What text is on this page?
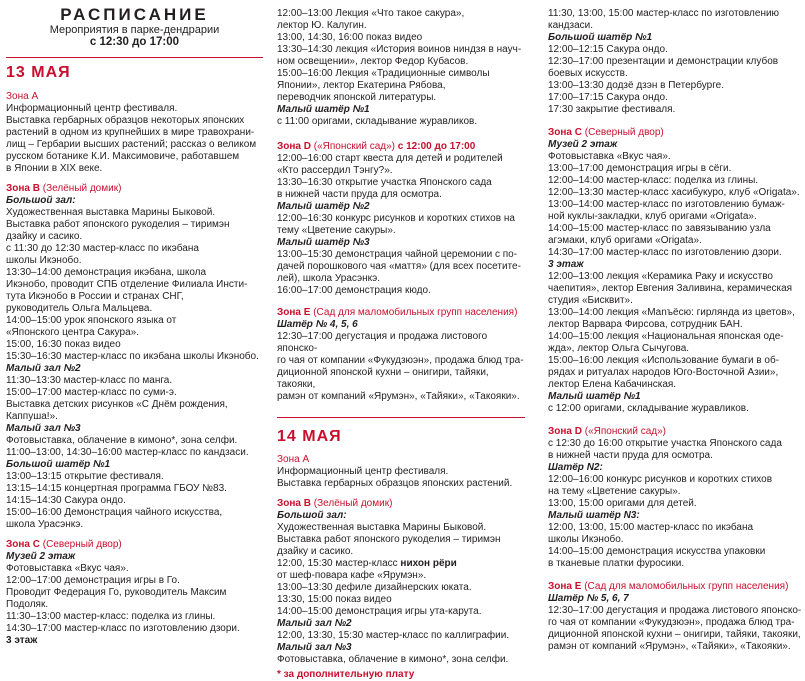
РАСПИСАНИЕ
Мероприятия в парке-дендрарии
с 12:30 до 17:00
13 МАЯ
Зона А
Информационный центр фестиваля.
Выставка гербарных образцов некоторых японских
растений в одном из крупнейших в мире травохрани-
лищ – Гербарии высших растений; рассказ о великом
русском ботанике К.И. Максимовиче, работавшем
в Японии в XIX веке.
Зона В (Зелёный домик)
Большой зал:
Художественная выставка Марины Быковой.
Выставка работ японского рукоделия – тиримэн
дзайку и сасико.
с 11:30 до 12:30 мастер-класс по икэбана
школы Икэнобо.
13:30–14:00 демонстрация икэбана, школа
Икэнобо, проводит СПБ отделение Филиала Инсти-
тута Икэнобо в России и странах СНГ,
руководитель Ольга Мальцева.
14:00–15:00 урок японского языка от
«Японского центра Сакура».
15:00, 16:30 показ видео
15:30–16:30 мастер-класс по икэбана школы Икэнобо.
Малый зал №2
11:30–13:30 мастер-класс по манга.
15:00–17:00 мастер-класс по суми-э.
Выставка детских рисунков «С Днём рождения,
Каппуша!».
Малый зал №3
Фотовыставка, облачение в кимоно*, зона селфи.
11:00–13:00, 14:30–16:00 мастер-класс по кандзаси.
Большой шатёр №1
13:00–13:15 открытие фестиваля.
13:15–14:15 концертная программа ГБОУ №83.
14:15–14:30 Сакура ондо.
15:00–16:00 Демонстрация чайного искусства,
школа Урасэнкэ.
Зона С (Северный двор)
Музей 2 этаж
Фотовыставка «Вкус чая».
12:00–17:00 демонстрация игры в Го.
Проводит Федерация Го, руководитель Максим Подоляк.
11:30–13:00 мастер-класс: поделка из глины.
14:30–17:00 мастер-класс по изготовлению дзори.
3 этаж
12:00–13:00 Лекция «Что такое сакура»,
лектор Ю. Калугин.
13:00, 14:30, 16:00 показ видео
13:30–14:30 лекция «История воинов ниндзя в науч-
ном освещении», лектор Федор Кубасов.
15:00–16:00 Лекция «Традиционные символы
Японии», лектор Екатерина Рябова,
переводчик японской литературы.
Малый шатёр №1
с 11:00 оригами, складывание журавликов.
Зона D («Японский сад») с 12:00 до 17:00
12:00–16:00 старт квеста для детей и родителей
«Кто рассердил Тэнгу?».
13:30–16:30 открытие участка Японского сада
в нижней части пруда для осмотра.
Малый шатёр №2
12:00–16:30 конкурс рисунков и коротких стихов на
тему «Цветение сакуры».
Малый шатёр №3
13:00–15:30 демонстрация чайной церемонии с по-
дачей порошкового чая «маття» (для всех посетите-
лей), школа Урасэнкэ.
16:00–17:00 демонстрация кюдо.
Зона Е (Сад для маломобильных групп населения)
Шатёр № 4, 5, 6
12:30–17:00 дегустация и продажа листового японско-
го чая от компании «Фукудзюэн», продажа блюд тра-
диционной японской кухни – онигири, тайяки, такояки,
рамэн от компаний «Ярумэн», «Тайяки», «Такояки».
14 МАЯ
Зона А
Информационный центр фестиваля.
Выставка гербарных образцов японских растений.
Зона В (Зелёный домик)
Большой зал:
Художественная выставка Марины Быковой.
Выставка работ японского рукоделия – тиримэн
дзайку и сасико.
12:00, 15:30 мастер-класс нихон рёри
от шеф-повара кафе «Ярумэн».
13:00–13:30 дефиле дизайнерских юката.
13:30, 15:00 показ видео
14:00–15:00 демонстрация игры ута-карута.
Малый зал №2
12:00, 13:30, 15:30 мастер-класс по каллиграфии.
Малый зал №3
Фотовыставка, облачение в кимоно*, зона селфи.
* за дополнительную плату
11:30, 13:00, 15:00 мастер-класс по изготовлению кандзаси.
Большой шатёр №1
12:00–12:15 Сакура ондо.
12:30–17:00 презентации и демонстрации клубов
боевых искусств.
13:00–13:30 додзё дзэн в Петербурге.
17:00–17:15 Сакура ондо.
17:30 закрытие фестиваля.
Зона С (Северный двор)
Музей 2 этаж
Фотовыставка «Вкус чая».
13:00–17:00 демонстрация игры в сёги.
12:00–14:00 мастер-класс: поделка из глины.
12:00–13:30 мастер-класс хасибукуро, клуб «Origata».
13:00–14:00 мастер-класс по изготовлению бумаж-
ной куклы-закладки, клуб оригами «Origata».
14:00–15:00 мастер-класс по завязыванию узла
агэмаки, клуб оригами «Origata».
14:30–17:00 мастер-класс по изготовлению дзори.
3 этаж
12:00–13:00 лекция «Керамика Раку и искусство
чаепития», лектор Евгения Заливина, керамическая
студия «Бисквит».
13:00–14:00 лекция «Маnъёсю: гирлянда из цветов»,
лектор Варвара Фирсова, сотрудник БАН.
14:00–15:00 лекция «Национальная японская оде-
жда», лектор Ольга Сычугова.
15:00–16:00 лекция «Использование бумаги в об-
рядах и ритуалах народов Юго-Восточной Азии»,
лектор Елена Кабачинская.
Малый шатёр №1
с 12:00 оригами, складывание журавликов.
Зона D («Японский сад»)
с 12:30 до 16:00 открытие участка Японского сада
в нижней части пруда для осмотра.
Шатёр N2:
12:00–16:00 конкурс рисунков и коротких стихов
на тему «Цветение сакуры».
13:00, 15:00 оригами для детей.
Малый шатёр N3:
12:00, 13:00, 15:00 мастер-класс по икэбана
школы Икэнобо.
14:00–15:00 демонстрация искусства упаковки
в тканевые платки фуросики.
Зона Е (Сад для маломобильных групп населения)
Шатёр № 5, 6, 7
12:30–17:00 дегустация и продажа листового японско-
го чая от компании «Фукудзюэн», продажа блюд тра-
диционной японской кухни – онигири, тайяки, такояки,
рамэн от компаний «Ярумэн», «Тайяки», «Такояки».
